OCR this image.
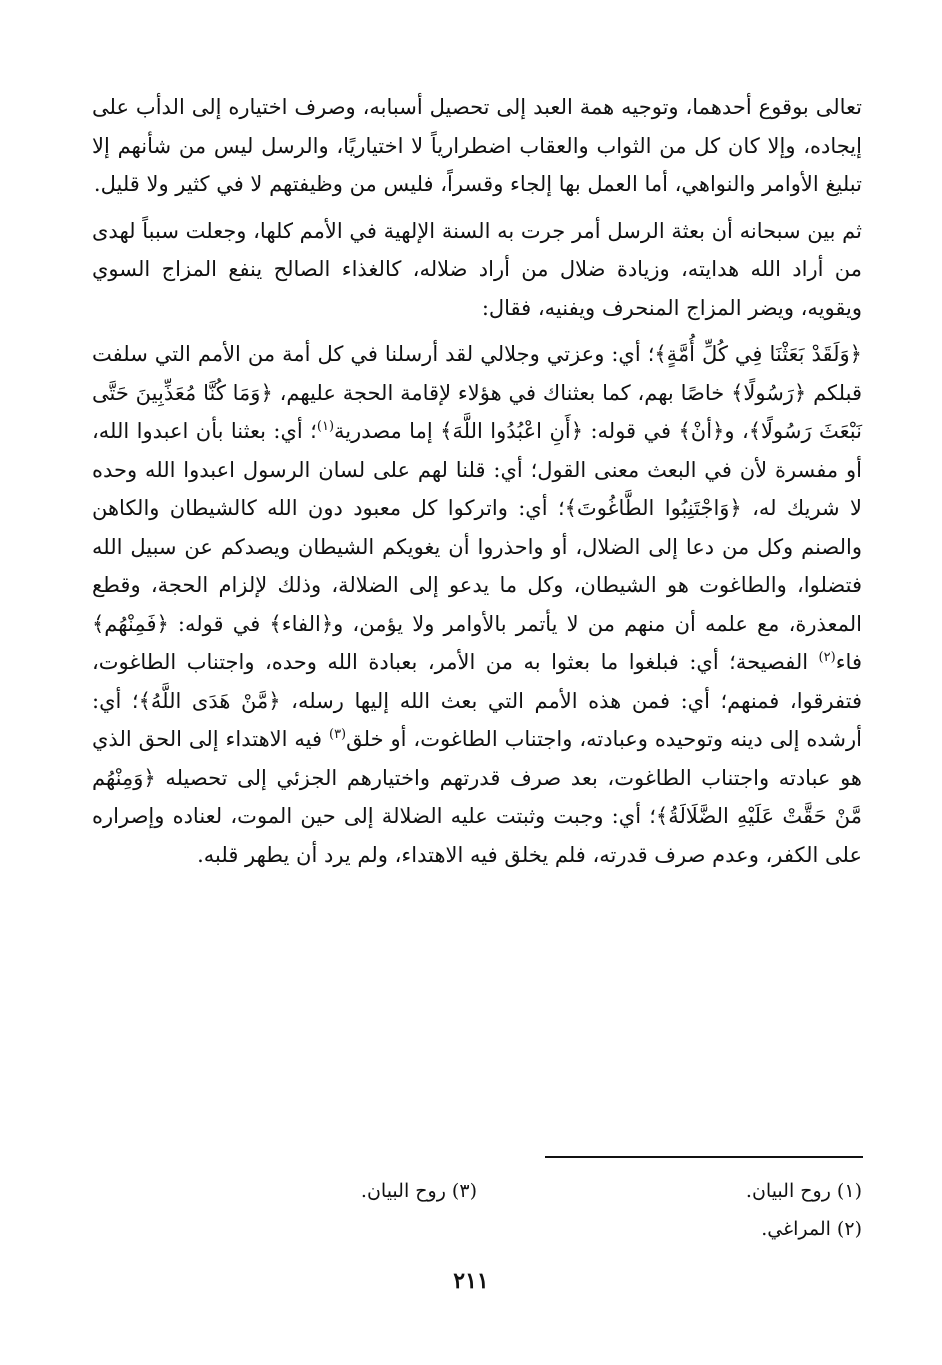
تعالى بوقوع أحدهما، وتوجيه همة العبد إلى تحصيل أسبابه، وصرف اختياره إلى الدأب على إيجاده، وإلا كان كل من الثواب والعقاب اضطرارياً لا اختياريًا، والرسل ليس من شأنهم إلا تبليغ الأوامر والنواهي، أما العمل بها إلجاء وقسراً، فليس من وظيفتهم لا في كثير ولا قليل.

ثم بين سبحانه أن بعثة الرسل أمر جرت به السنة الإلهية في الأمم كلها، وجعلت سبباً لهدى من أراد الله هدايته، وزيادة ضلال من أراد ضلاله، كالغذاء الصالح ينفع المزاج السوي ويقويه، ويضر المزاج المنحرف ويفنيه، فقال:

﴿وَلَقَدْ بَعَثْنَا فِي كُلِّ أُمَّةٍ﴾؛ أي: وعزتي وجلالي لقد أرسلنا في كل أمة من الأمم التي سلفت قبلكم ﴿رَسُولًا﴾ خاصًا بهم، كما بعثناك في هؤلاء لإقامة الحجة عليهم، ﴿وَمَا كُنَّا مُعَذِّبِينَ حَتَّى نَبْعَثَ رَسُولًا﴾، و﴿أنْ﴾ في قوله: ﴿أَنِ اعْبُدُوا اللَّهَ﴾ إما مصدرية$^{(١)}$؛ أي: بعثنا بأن اعبدوا الله، أو مفسرة لأن في البعث معنى القول؛ أي: قلنا لهم على لسان الرسول اعبدوا الله وحده لا شريك له، ﴿وَاجْتَنِبُوا الطَّاغُوتَ﴾؛ أي: واتركوا كل معبود دون الله كالشيطان والكاهن والصنم وكل من دعا إلى الضلال، أو واحذروا أن يغويكم الشيطان ويصدكم عن سبيل الله فتضلوا، والطاغوت هو الشيطان، وكل ما يدعو إلى الضلالة، وذلك لإلزام الحجة، وقطع المعذرة، مع علمه أن منهم من لا يأتمر بالأوامر ولا يؤمن، و﴿الفاء﴾ في قوله: ﴿فَمِنْهُم﴾ فاء$^{(٢)}$ الفصيحة؛ أي: فبلغوا ما بعثوا به من الأمر، بعبادة الله وحده، واجتناب الطاغوت، فتفرقوا، فمنهم؛ أي: فمن هذه الأمم التي بعث الله إليها رسله، ﴿مَّنْ هَدَى اللَّهُ﴾؛ أي: أرشده إلى دينه وتوحيده وعبادته، واجتناب الطاغوت، أو خلق$^{(٣)}$ فيه الاهتداء إلى الحق الذي هو عبادته واجتناب الطاغوت، بعد صرف قدرتهم واختيارهم الجزئي إلى تحصيله ﴿وَمِنْهُم مَّنْ حَقَّتْ عَلَيْهِ الضَّلَالَةُ﴾؛ أي: وجبت وثبتت عليه الضلالة إلى حين الموت، لعناده وإصراره على الكفر، وعدم صرف قدرته، فلم يخلق فيه الاهتداء، ولم يرد أن يطهر قلبه.

(١) روح البيان.
(٣) روح البيان.
(٢) المراغي.
٢١١
